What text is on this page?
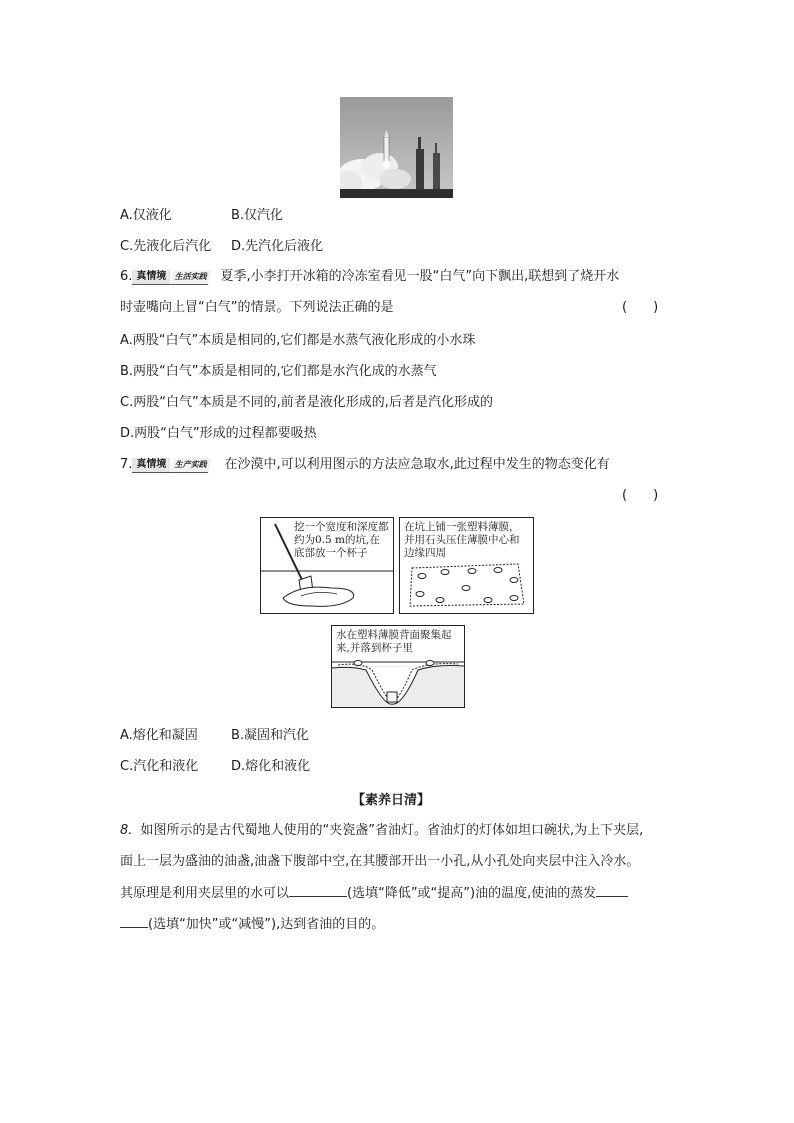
A.仅液化	B.仅汽化
C.先液化后汽化 D.先汽化后液化
6. 真情境 生活实践 夏季,小李打开冰箱的冷冻室看见一股“白气”向下飘出,联想到了烧开水
时壶嘴向上冒“白气”的情景。下列说法正确的是	(　　)
A.两股“白气”本质是相同的,它们都是水蒸气液化形成的小水珠
B.两股“白气”本质是相同的,它们都是水汽化成的水蒸气
C.两股“白气”本质是不同的,前者是液化形成的,后者是汽化形成的
D.两股“白气”形成的过程都要吸热
7. 真情境 生产实践 在沙漠中,可以利用图示的方法应急取水,此过程中发生的物态变化有
(　　)
挖一个宽度和深度都约为0.5 m的坑,在底部放一个杯子
在坑上铺一张塑料薄膜，并用石头压住薄膜中心和边缘四周
水在塑料薄膜背面聚集起来,并落到杯子里
A.熔化和凝固	B.凝固和汽化
C.汽化和液化	D.熔化和液化
【素养日清】
8. 如图所示的是古代蜀地人使用的“夹瓷盏”省油灯。省油灯的灯体如坦口碗状,为上下夹层,
面上一层为盛油的油盏,油盏下腹部中空,在其腰部开出一小孔,从小孔处向夹层中注入冷水。
其原理是利用夹层里的水可以	(选填“降低”或“提高”)油的温度,使油的蒸发
(选填“加快”或“减慢”),达到省油的目的。
